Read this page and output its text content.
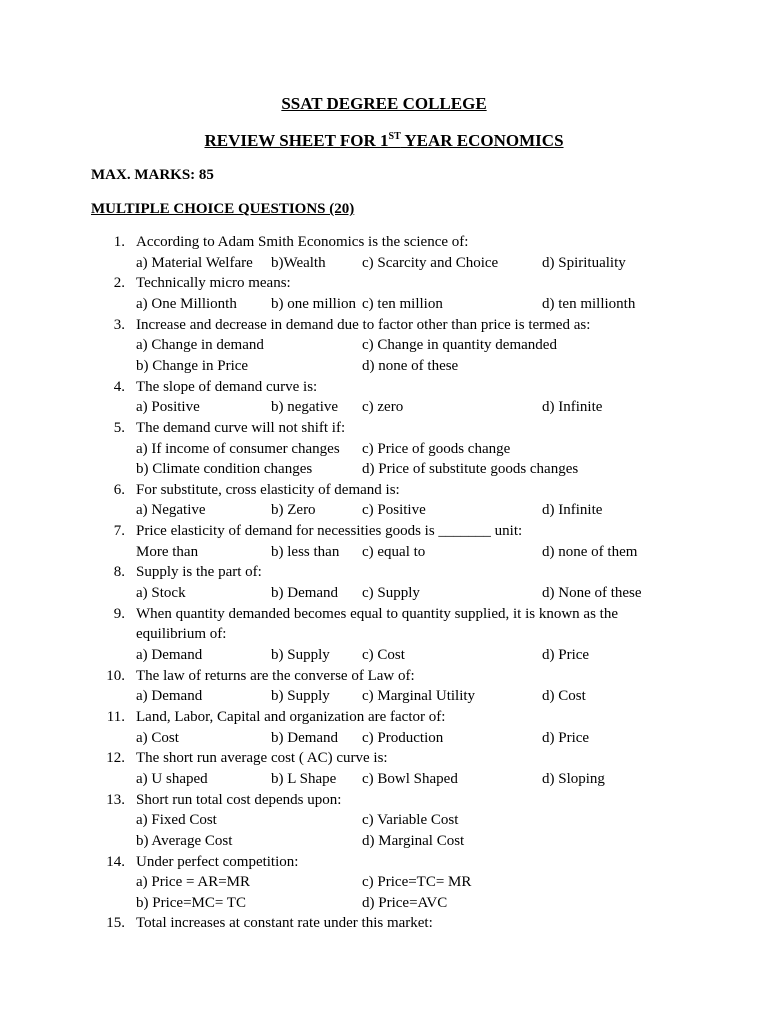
SSAT DEGREE COLLEGE
REVIEW SHEET FOR 1ST YEAR ECONOMICS
MAX. MARKS: 85
MULTIPLE CHOICE QUESTIONS (20)
1. According to Adam Smith Economics is the science of:
a) Material Welfare b)Wealth c) Scarcity and Choice	d) Spirituality
2. Technically micro means:
a) One Millionth b) one million c) ten million	d) ten millionth
3. Increase and decrease in demand due to factor other than price is termed as:
a) Change in demand	c) Change in quantity demanded
b) Change in Price	d) none of these
4. The slope of demand curve is:
a) Positive	b) negative c) zero	d) Infinite
5. The demand curve will not shift if:
a) If income of consumer changes c) Price of goods change
b) Climate condition changes	d) Price of substitute goods changes
6. For substitute, cross elasticity of demand is:
a) Negative	b) Zero	c) Positive	d) Infinite
7. Price elasticity of demand for necessities goods is _______ unit:
More than	b) less than c) equal to	d) none of them
8. Supply is the part of:
a) Stock	b) Demand c) Supply	d) None of these
9. When quantity demanded becomes equal to quantity supplied, it is known as the
equilibrium of:
a) Demand	b) Supply c) Cost	d) Price
10. The law of returns are the converse of Law of:
a) Demand	b) Supply c) Marginal Utility	d) Cost
11. Land, Labor, Capital and organization are factor of:
a) Cost	b) Demand c) Production	d) Price
12. The short run average cost ( AC) curve is:
a) U shaped	b) L Shape c) Bowl Shaped	d) Sloping
13. Short run total cost depends upon:
a) Fixed Cost	c) Variable Cost
b) Average Cost	d) Marginal Cost
14. Under perfect competition:
a) Price = AR=MR	c) Price=TC= MR
b) Price=MC= TC	d) Price=AVC
15. Total increases at constant rate under this market:
